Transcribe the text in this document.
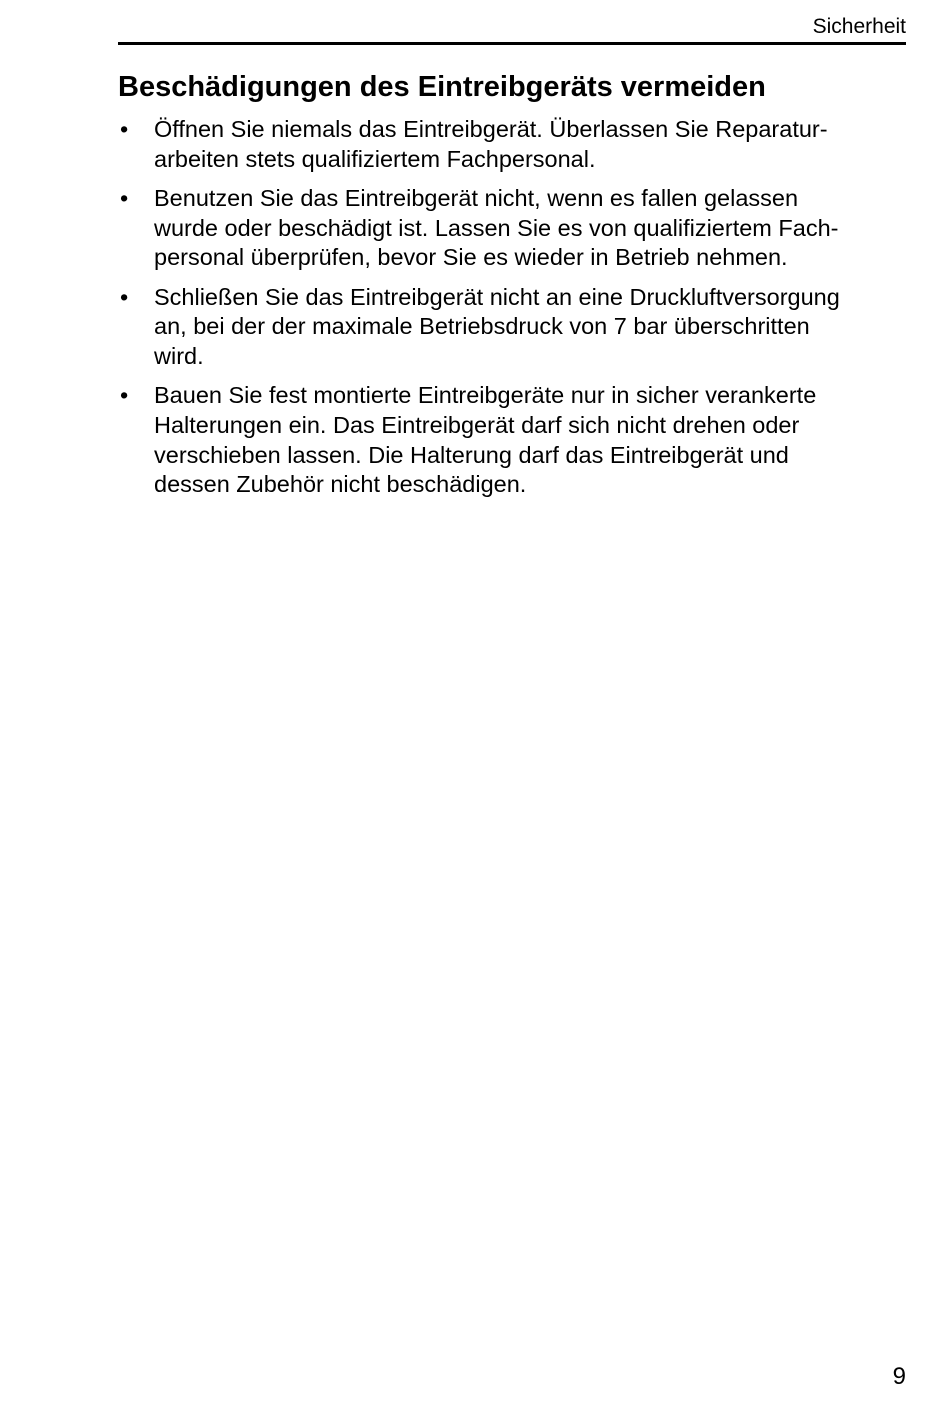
Sicherheit
Beschädigungen des Eintreibgeräts vermeiden
• Öffnen Sie niemals das Eintreibgerät. Überlassen Sie Reparatur-
arbeiten stets qualifiziertem Fachpersonal.
• Benutzen Sie das Eintreibgerät nicht, wenn es fallen gelassen
wurde oder beschädigt ist. Lassen Sie es von qualifiziertem Fach-
personal überprüfen, bevor Sie es wieder in Betrieb nehmen.
• Schließen Sie das Eintreibgerät nicht an eine Druckluftversorgung
an, bei der der maximale Betriebsdruck von 7 bar überschritten
wird.
• Bauen Sie fest montierte Eintreibgeräte nur in sicher verankerte
Halterungen ein. Das Eintreibgerät darf sich nicht drehen oder
verschieben lassen. Die Halterung darf das Eintreibgerät und
dessen Zubehör nicht beschädigen.
9
